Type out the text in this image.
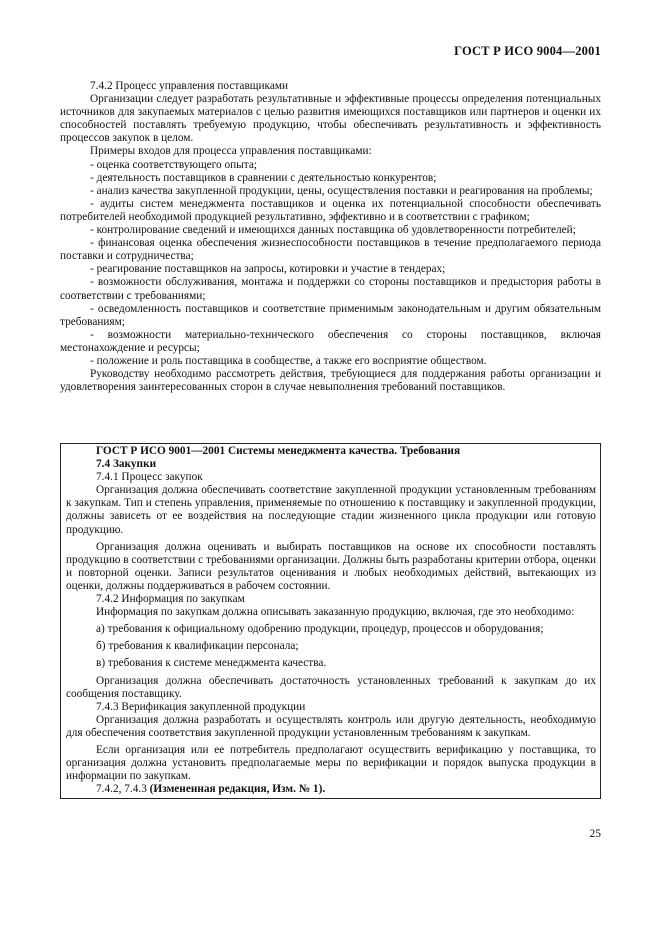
ГОСТ Р ИСО 9004—2001

7.4.2 Процесс управления поставщиками

Организации следует разработать результативные и эффективные процессы определения потенциальных источников для закупаемых материалов с целью развития имеющихся поставщиков или партнеров и оценки их способностей поставлять требуемую продукцию, чтобы обеспечивать результативность и эффективность процессов закупок в целом.

Примеры входов для процесса управления поставщиками:

- оценка соответствующего опыта;

- деятельность поставщиков в сравнении с деятельностью конкурентов;

- анализ качества закупленной продукции, цены, осуществления поставки и реагирования на проблемы;

- аудиты систем менеджмента поставщиков и оценка их потенциальной способности обеспечивать потребителей необходимой продукцией результативно, эффективно и в соответствии с графиком;

- контролирование сведений и имеющихся данных поставщика об удовлетворенности потребителей;

- финансовая оценка обеспечения жизнеспособности поставщиков в течение предполагаемого периода поставки и сотрудничества;

- реагирование поставщиков на запросы, котировки и участие в тендерах;

- возможности обслуживания, монтажа и поддержки со стороны поставщиков и предыстория работы в соответствии с требованиями;

- осведомленность поставщиков и соответствие применимым законодательным и другим обязательным требованиям;

- возможности материально-технического обеспечения со стороны поставщиков, включая местонахождение и ресурсы;

- положение и роль поставщика в сообществе, а также его восприятие обществом.

Руководству необходимо рассмотреть действия, требующиеся для поддержания работы организации и удовлетворения заинтересованных сторон в случае невыполнения требований поставщиков.

ГОСТ Р ИСО 9001—2001 Системы менеджмента качества. Требования

7.4 Закупки

7.4.1 Процесс закупок

Организация должна обеспечивать соответствие закупленной продукции установленным требованиям к закупкам. Тип и степень управления, применяемые по отношению к поставщику и закупленной продукции, должны зависеть от ее воздействия на последующие стадии жизненного цикла продукции или готовую продукцию.

Организация должна оценивать и выбирать поставщиков на основе их способности поставлять продукцию в соответствии с требованиями организации. Должны быть разработаны критерии отбора, оценки и повторной оценки. Записи результатов оценивания и любых необходимых действий, вытекающих из оценки, должны поддерживаться в рабочем состоянии.

7.4.2 Информация по закупкам

Информация по закупкам должна описывать заказанную продукцию, включая, где это необходимо:

а) требования к официальному одобрению продукции, процедур, процессов и оборудования;

б) требования к квалификации персонала;

в) требования к системе менеджмента качества.

Организация должна обеспечивать достаточность установленных требований к закупкам до их сообщения поставщику.

7.4.3 Верификация закупленной продукции

Организация должна разработать и осуществлять контроль или другую деятельность, необходимую для обеспечения соответствия закупленной продукции установленным требованиям к закупкам.

Если организация или ее потребитель предполагают осуществить верификацию у поставщика, то организация должна установить предполагаемые меры по верификации и порядок выпуска продукции в информации по закупкам.

7.4.2, 7.4.3 (Измененная редакция, Изм. № 1).

25
